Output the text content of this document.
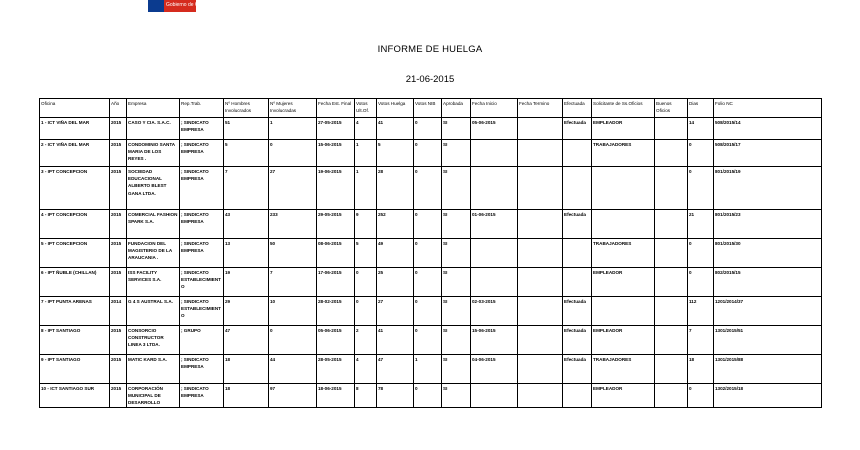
Gobierno de Chile
INFORME DE HUELGA
21-06-2015
Oficina	Año	Empresa	Rep.Trab.	Nº Hombres Involucrados	Nº Mujeres Involucradas	Fecha Est. Final	Votos Ult.Of.	Votos Huelga	Votos NIB	Aprobada	Fecha Inicio	Fecha Termino	Efectuada	Solicitante de Ss.Oficios	Buenos Oficios	Dias	Folio NC
1 - ICT VIÑA DEL MAR	2015	CASO Y CIA. S.A.C.	; SINDICATO EMPRESA	51	1	27-05-2015	4	41	0	SI	05-06-2015		Efectuada	EMPLEADOR		14	508/2015/14
2 - ICT VIÑA DEL MAR	2015	CONDOMINIO SANTA MARIA DE LOS REYES .	; SINDICATO EMPRESA	5	0	15-06-2015	1	5	0	SI				TRABAJADORES		0	508/2015/17
3 - IPT CONCEPCION	2015	SOCIEDAD EDUCACIONAL ALBERTO BLEST GANA LTDA.	; SINDICATO EMPRESA	7	27	19-06-2015	1	28	0	SI						0	801/2015/19
4 - IPT CONCEPCION	2015	COMERCIAL FASHION SPARK S.A.	; SINDICATO EMPRESA	43	233	29-05-2015	9	252	0	SI	01-06-2015		Efectuada			21	801/2015/23
5 - IPT CONCEPCION	2015	FUNDACION DEL MAGISTERIO DE LA ARAUCANIA .	; SINDICATO EMPRESA	13	50	08-06-2015	5	49	0	SI				TRABAJADORES		0	801/2015/30
6 - IPT ÑUBLE (CHILLAN)	2015	ISS FACILITY SERVICES S.A.	; SINDICATO ESTABLECIMIENTO	19	7	17-06-2015	0	25	0	SI				EMPLEADOR		0	802/2015/15
7 - IPT PUNTA ARENAS	2014	G 4 S AUSTRAL S.A.	; SINDICATO ESTABLECIMIENTO	29	10	28-02-2015	0	27	0	SI	02-03-2015		Efectuada			112	1201/2014/37
8 - IPT SANTIAGO	2015	CONSORCIO CONSTRUCTOR LINEA 3 LTDA.	; GRUPO	47	0	05-06-2015	2	41	0	SI	15-06-2015		Efectuada	EMPLEADOR		7	1301/2015/51
9 - IPT SANTIAGO	2015	MATIC KARD S.A.	; SINDICATO EMPRESA	18	44	28-05-2015	4	47	1	SI	04-06-2015		Efectuada	TRABAJADORES		18	1301/2015/88
10 - ICT SANTIAGO SUR	2015	CORPORACIÓN MUNICIPAL DE DESARROLLO	; SINDICATO EMPRESA	18	97	18-06-2015	8	78	0	SI				EMPLEADOR		0	1302/2015/18
